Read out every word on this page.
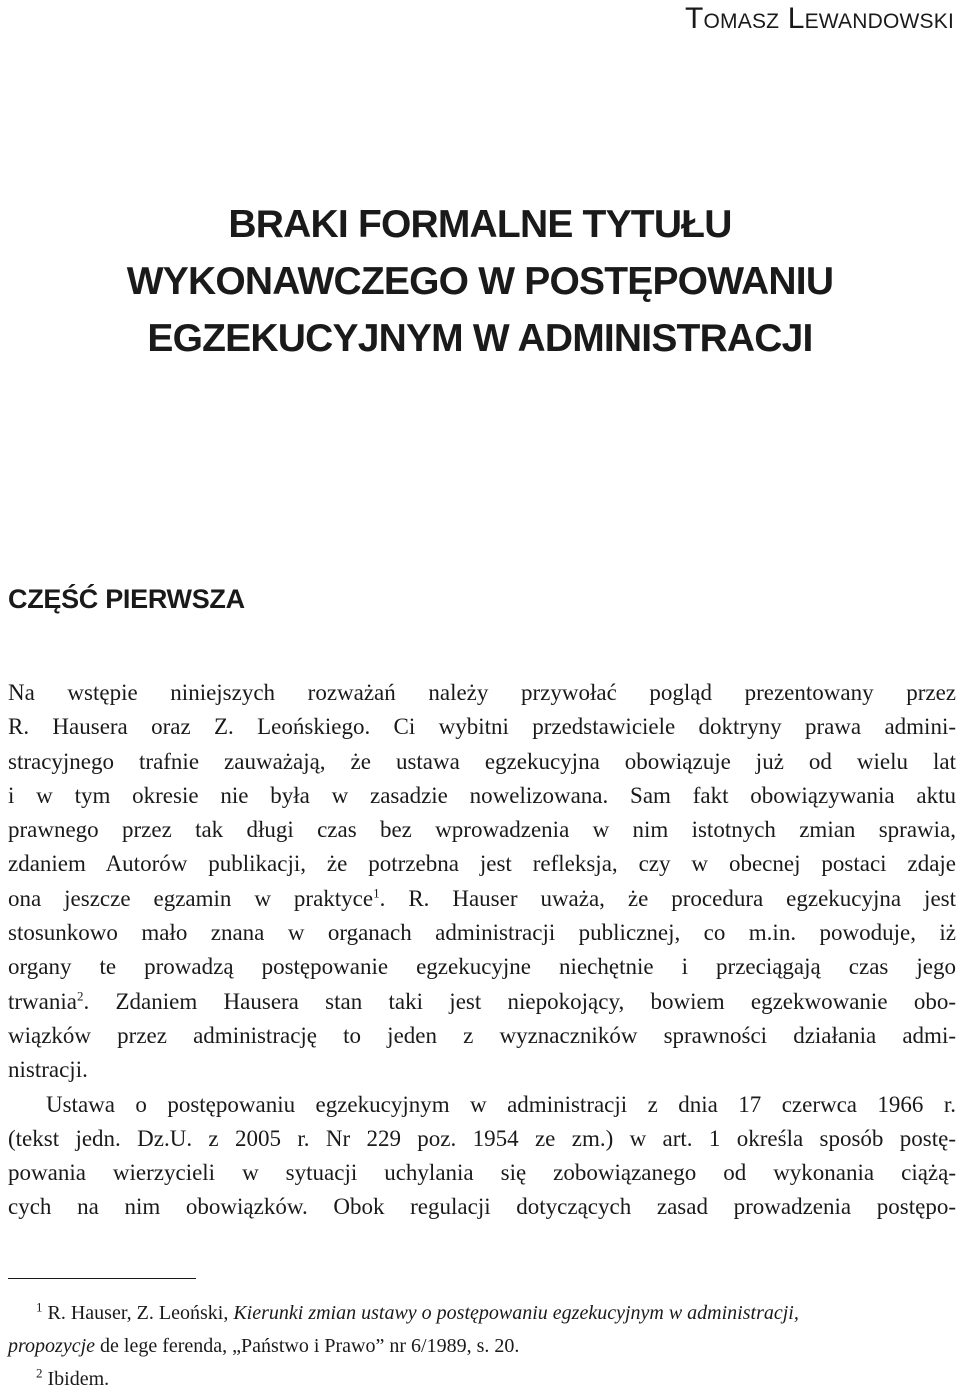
Tomasz Lewandowski
BRAKI FORMALNE TYTUŁU
WYKONAWCZEGO W POSTĘPOWANIU
EGZEKUCYJNYM W ADMINISTRACJI
CZĘŚĆ PIERWSZA

Na wstępie niniejszych rozważań należy przywołać pogląd prezentowany przez
R. Hausera oraz Z. Leońskiego. Ci wybitni przedstawiciele doktryny prawa admini-
stracyjnego trafnie zauważają, że ustawa egzekucyjna obowiązuje już od wielu lat
i w tym okresie nie była w zasadzie nowelizowana. Sam fakt obowiązywania aktu
prawnego przez tak długi czas bez wprowadzenia w nim istotnych zmian sprawia,
zdaniem Autorów publikacji, że potrzebna jest refleksja, czy w obecnej postaci zdaje
ona jeszcze egzamin w praktyce$^1$. R. Hauser uważa, że procedura egzekucyjna jest
stosunkowo mało znana w organach administracji publicznej, co m.in. powoduje, iż
organy te prowadzą postępowanie egzekucyjne niechętnie i przeciągają czas jego
trwania$^2$. Zdaniem Hausera stan taki jest niepokojący, bowiem egzekwowanie obo-
wiązków przez administrację to jeden z wyznaczników sprawności działania admi-
nistracji.

Ustawa o postępowaniu egzekucyjnym w administracji z dnia 17 czerwca 1966 r.
(tekst jedn. Dz.U. z 2005 r. Nr 229 poz. 1954 ze zm.) w art. 1 określa sposób postę-
powania wierzycieli w sytuacji uchylania się zobowiązanego od wykonania ciążą-
cych na nim obowiązków. Obok regulacji dotyczących zasad prowadzenia postępo-

$^1$ R. Hauser, Z. Leoński, Kierunki zmian ustawy o postępowaniu egzekucyjnym w administracji,
propozycje de lege ferenda, „Państwo i Prawo” nr 6/1989, s. 20.

$^2$ Ibidem.
